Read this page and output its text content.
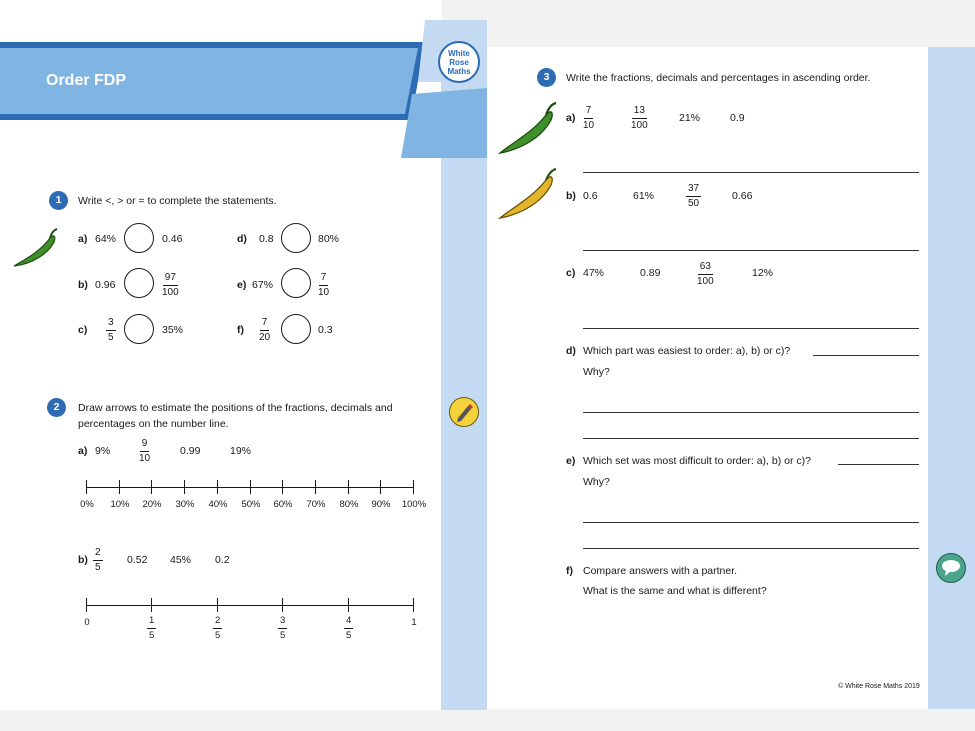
Order FDP
White
Rose
Maths
1	Write <, > or = to complete the statements.
a) 64%	0.46
b) 0.96	$\frac{97}{100}$
$c) \frac{3}{5}$	35%
d) 0.8	80%
e) 67%	$\frac{7}{10}$
$f) \frac{7}{20}$	0.3
2	Draw arrows to estimate the positions of the fractions, decimals and
percentages on the number line.
a) 9%	$\frac{9}{10}$	0.99	19%
0% 10% 20% 30% 40% 50% 60% 70% 80% 90% 100%
$b) \frac{2}{5} 0.52$ 45% 0.2
0	1
$\frac{1}{5}$	$\frac{2}{5}$	$\frac{3}{5}$	$\frac{4}{5}$
3	Write the fractions, decimals and percentages in ascending order.
$a) \frac{7}{10}$	$\frac{13}{100}$	21%	0.9
b) 0.6	61%	$\frac{37}{50}$	0.66
c) 47%	0.89	$\frac{63}{100}$	12%
d) Which part was easiest to order: a), b) or c)?
Why?
e) Which set was most difficult to order: a), b) or c)?
Why?
f) Compare answers with a partner.
What is the same and what is different?
© White Rose Maths 2019
